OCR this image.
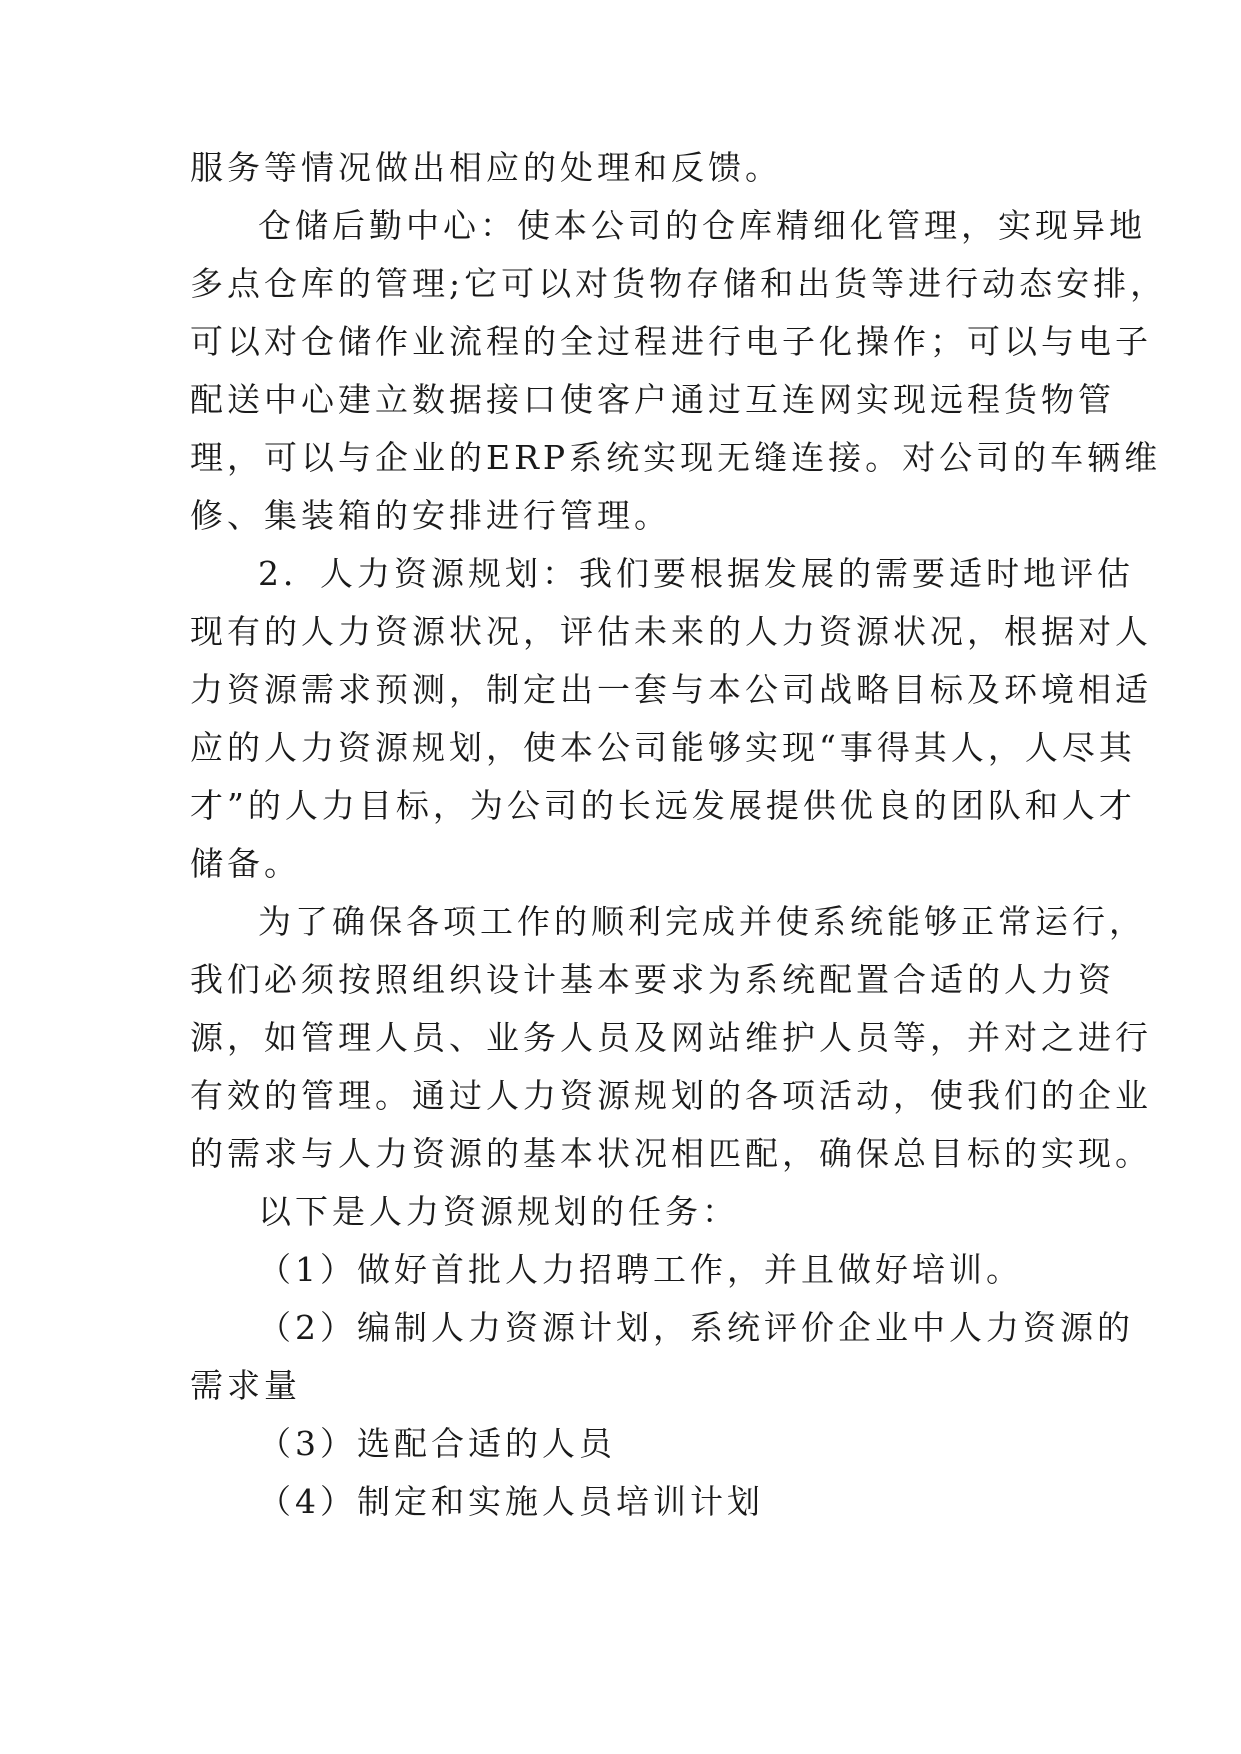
服务等情况做出相应的处理和反馈。
仓储后勤中心：使本公司的仓库精细化管理，实现异地
多点仓库的管理;它可以对货物存储和出货等进行动态安排，
可以对仓储作业流程的全过程进行电子化操作；可以与电子
配送中心建立数据接口使客户通过互连网实现远程货物管
理，可以与企业的ERP系统实现无缝连接。对公司的车辆维
修、集装箱的安排进行管理。
2．人力资源规划：我们要根据发展的需要适时地评估
现有的人力资源状况，评估未来的人力资源状况，根据对人
力资源需求预测，制定出一套与本公司战略目标及环境相适
应的人力资源规划，使本公司能够实现“事得其人，人尽其
才”的人力目标，为公司的长远发展提供优良的团队和人才
储备。
为了确保各项工作的顺利完成并使系统能够正常运行，
我们必须按照组织设计基本要求为系统配置合适的人力资
源，如管理人员、业务人员及网站维护人员等，并对之进行
有效的管理。通过人力资源规划的各项活动，使我们的企业
的需求与人力资源的基本状况相匹配，确保总目标的实现。
以下是人力资源规划的任务：
（1）做好首批人力招聘工作，并且做好培训。
（2）编制人力资源计划，系统评价企业中人力资源的
需求量
（3）选配合适的人员
（4）制定和实施人员培训计划
